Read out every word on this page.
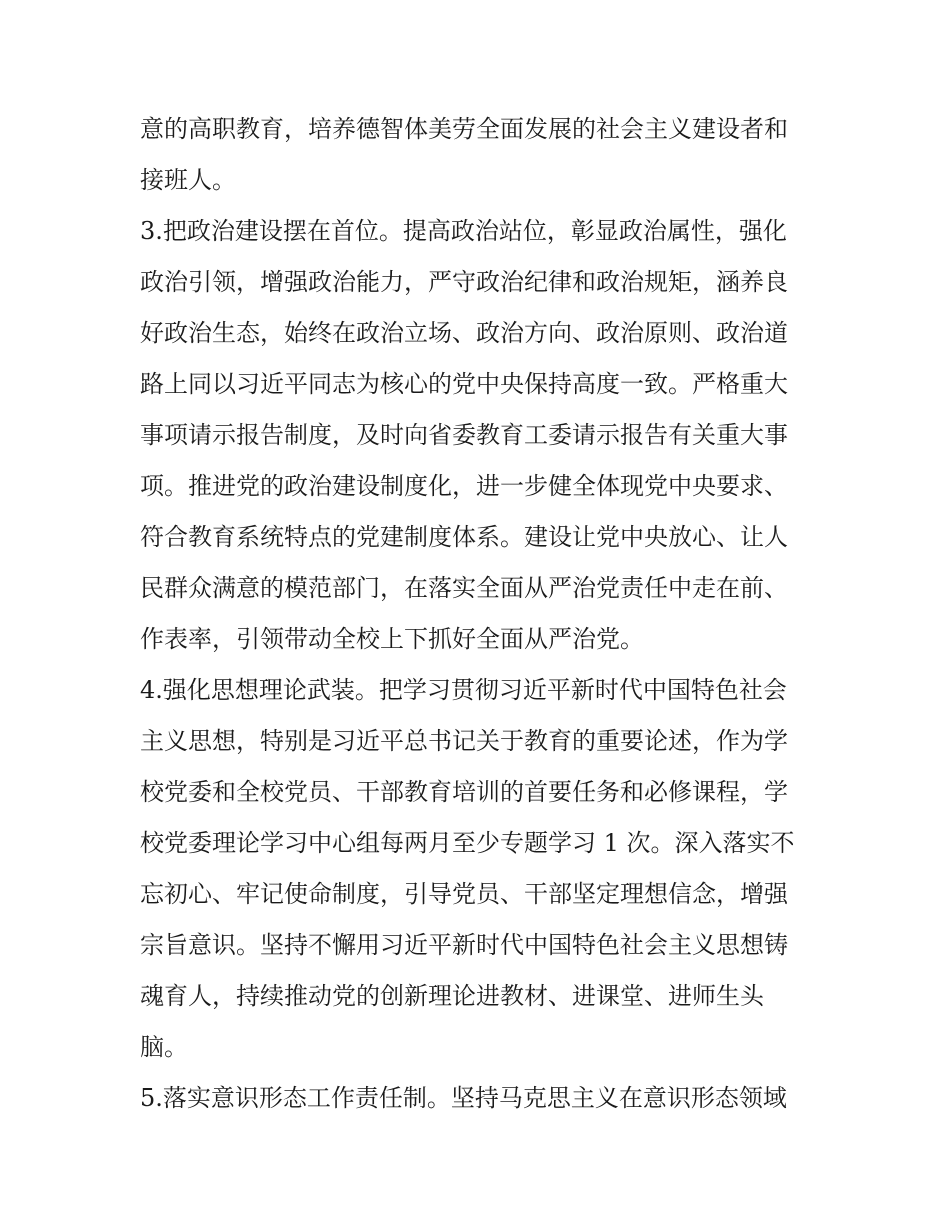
意的高职教育，培养德智体美劳全面发展的社会主义建设者和
接班人。
3.把政治建设摆在首位。提高政治站位，彰显政治属性，强化
政治引领，增强政治能力，严守政治纪律和政治规矩，涵养良
好政治生态，始终在政治立场、政治方向、政治原则、政治道
路上同以习近平同志为核心的党中央保持高度一致。严格重大
事项请示报告制度，及时向省委教育工委请示报告有关重大事
项。推进党的政治建设制度化，进一步健全体现党中央要求、
符合教育系统特点的党建制度体系。建设让党中央放心、让人
民群众满意的模范部门，在落实全面从严治党责任中走在前、
作表率，引领带动全校上下抓好全面从严治党。
4.强化思想理论武装。把学习贯彻习近平新时代中国特色社会
主义思想，特别是习近平总书记关于教育的重要论述，作为学
校党委和全校党员、干部教育培训的首要任务和必修课程，学
校党委理论学习中心组每两月至少专题学习 1 次。深入落实不
忘初心、牢记使命制度，引导党员、干部坚定理想信念，增强
宗旨意识。坚持不懈用习近平新时代中国特色社会主义思想铸
魂育人，持续推动党的创新理论进教材、进课堂、进师生头
脑。
5.落实意识形态工作责任制。坚持马克思主义在意识形态领域
